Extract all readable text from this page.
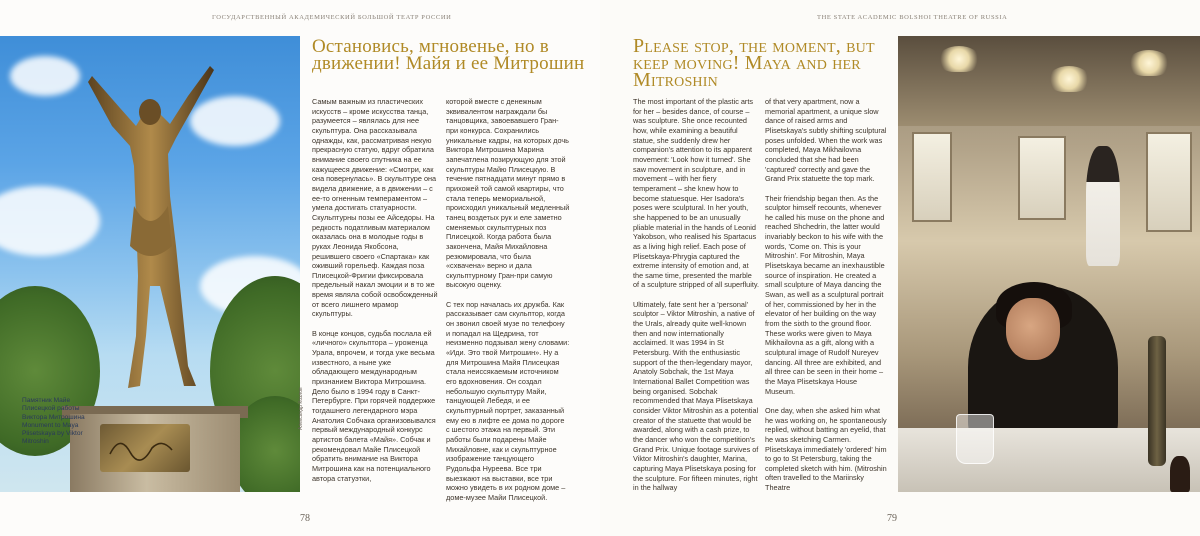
ГОСУДАРСТВЕННЫЙ АКАДЕМИЧЕСКИЙ БОЛЬШОЙ ТЕАТР РОССИИ
Памятник Майе Плисецкой работы Виктора Митрошина
Monument to Maya Plisetskaya by Viktor Mitroshin
Александр Козлов
Остановись, мгновенье, но в движении! Майя и ее Митрошин

Самым важным из пластических искусств – кроме искусства танца, разумеется – являлась для нее скульптура. Она рассказывала однажды, как, рассматривая некую прекрасную статую, вдруг обратила внимание своего спутника на ее кажущееся движение: «Смотри, как она повернулась». В скульптуре она видела движение, а в движении – с ее-то огненным темпераментом – умела достигать статуарности. Скульптурны позы ее Айседоры. На редкость податливым материалом оказалась она в молодые годы в руках Леонида Якобсона, решившего своего «Спартака» как оживший горельеф. Каждая поза Плисецкой-Фригии фиксировала предельный накал эмоции и в то же время являла собой освобожденный от всего лишнего мрамор скульптуры.

В конце концов, судьба послала ей «личного» скульптора – уроженца Урала, впрочем, и тогда уже весьма известного, а ныне уже обладающего международным признанием Виктора Митрошина. Дело было в 1994 году в Санкт-Петербурге. При горячей поддержке тогдашнего легендарного мэра Анатолия Собчака организовывался первый международный конкурс артистов балета «Майя». Собчак и рекомендовал Майе Плисецкой обратить внимание на Виктора Митрошина как на потенциального автора статуэтки,

которой вместе с денежным эквивалентом награждали бы танцовщика, завоевавшего Гран-при конкурса. Сохранились уникальные кадры, на которых дочь Виктора Митрошина Марина запечатлена позирующую для этой скульптуры Майю Плисецкую. В течение пятнадцати минут прямо в прихожей той самой квартиры, что стала теперь мемориальной, происходил уникальный медленный танец воздетых рук и еле заметно сменяемых скульптурных поз Плисецкой. Когда работа была закончена, Майя Михайловна резюмировала, что была «схвачена» верно и дала скульптурному Гран-при самую высокую оценку.

С тех пор началась их дружба. Как рассказывает сам скульптор, когда он звонил своей музе по телефону и попадал на Щедрина, тот неизменно подзывал жену словами: «Иди. Это твой Митрошин». Ну а для Митрошина Майя Плисецкая стала неиссякаемым источником его вдохновения. Он создал небольшую скульптуру Майи, танцующей Лебедя, и ее скульптурный портрет, заказанный ему ею в лифте ее дома по дороге с шестого этажа на первый. Эти работы были подарены Майе Михайловне, как и скульптурное изображение танцующего Рудольфа Нуреева. Все три выезжают на выставки, все три можно увидеть в их родном доме – доме-музее Майи Плисецкой.

78
THE STATE ACADEMIC BOLSHOI THEATRE OF RUSSIA
Please stop, the moment, but keep moving! Maya and her Mitroshin

The most important of the plastic arts for her – besides dance, of course – was sculpture. She once recounted how, while examining a beautiful statue, she suddenly drew her companion's attention to its apparent movement: 'Look how it turned'. She saw movement in sculpture, and in movement – with her fiery temperament – she knew how to become statuesque. Her Isadora's poses were sculptural. In her youth, she happened to be an unusually pliable material in the hands of Leonid Yakobson, who realised his Spartacus as a living high relief. Each pose of Plisetskaya-Phrygia captured the extreme intensity of emotion and, at the same time, presented the marble of a sculpture stripped of all superfluity.

Ultimately, fate sent her a 'personal' sculptor – Viktor Mitroshin, a native of the Urals, already quite well-known then and now internationally acclaimed. It was 1994 in St Petersburg. With the enthusiastic support of the then-legendary mayor, Anatoly Sobchak, the 1st Maya International Ballet Competition was being organised. Sobchak recommended that Maya Plisetskaya consider Viktor Mitroshin as a potential creator of the statuette that would be awarded, along with a cash prize, to the dancer who won the competition's Grand Prix. Unique footage survives of Viktor Mitroshin's daughter, Marina, capturing Maya Plisetskaya posing for the sculpture. For fifteen minutes, right in the hallway

of that very apartment, now a memorial apartment, a unique slow dance of raised arms and Plisetskaya's subtly shifting sculptural poses unfolded. When the work was completed, Maya Mikhailovna concluded that she had been 'captured' correctly and gave the Grand Prix statuette the top mark.

Their friendship began then. As the sculptor himself recounts, whenever he called his muse on the phone and reached Shchedrin, the latter would invariably beckon to his wife with the words, 'Come on. This is your Mitroshin'. For Mitroshin, Maya Plisetskaya became an inexhaustible source of inspiration. He created a small sculpture of Maya dancing the Swan, as well as a sculptural portrait of her, commissioned by her in the elevator of her building on the way from the sixth to the ground floor. These works were given to Maya Mikhailovna as a gift, along with a sculptural image of Rudolf Nureyev dancing. All three are exhibited, and all three can be seen in their home – the Maya Plisetskaya House Museum.

One day, when she asked him what he was working on, he spontaneously replied, without batting an eyelid, that he was sketching Carmen. Plisetskaya immediately 'ordered' him to go to St Petersburg, taking the completed sketch with him. (Mitroshin often travelled to the Mariinsky Theatre

79
